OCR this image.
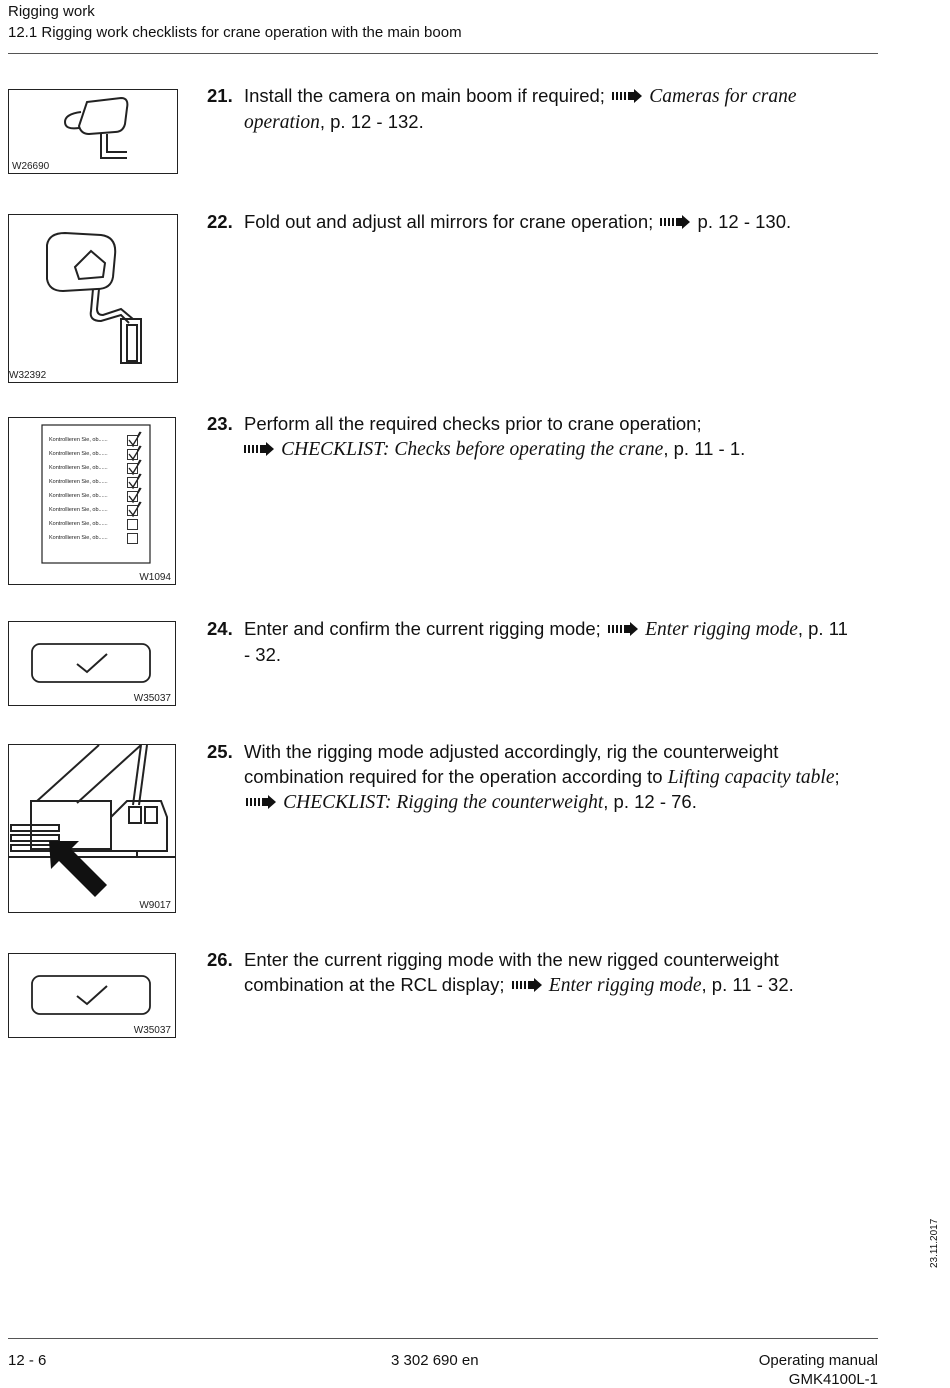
Rigging work
12.1 Rigging work checklists for crane operation with the main boom
W26690
21. Install the camera on main boom if required; Cameras for crane operation, p. 12 - 132.
W32392
22. Fold out and adjust all mirrors for crane operation;  p. 12 - 130.
Kontrollieren Sie, ob......
Kontrollieren Sie, ob......
Kontrollieren Sie, ob......
Kontrollieren Sie, ob......
Kontrollieren Sie, ob......
Kontrollieren Sie, ob......
Kontrollieren Sie, ob......
Kontrollieren Sie, ob......
W1094
23. Perform all the required checks prior to crane operation;
CHECKLIST: Checks before operating the crane, p. 11 - 1.
W35037
24. Enter and confirm the current rigging mode; Enter rigging mode, p. 11 - 32.
W9017
25. With the rigging mode adjusted accordingly, rig the counterweight combination required for the operation according to Lifting capacity table;  CHECKLIST: Rigging the counterweight, p. 12 - 76.
W35037
26. Enter the current rigging mode with the new rigged counterweight combination at the RCL display; Enter rigging mode, p. 11 - 32.
23.11.2017
12 - 6	3 302 690 en	Operating manual
GMK4100L-1
